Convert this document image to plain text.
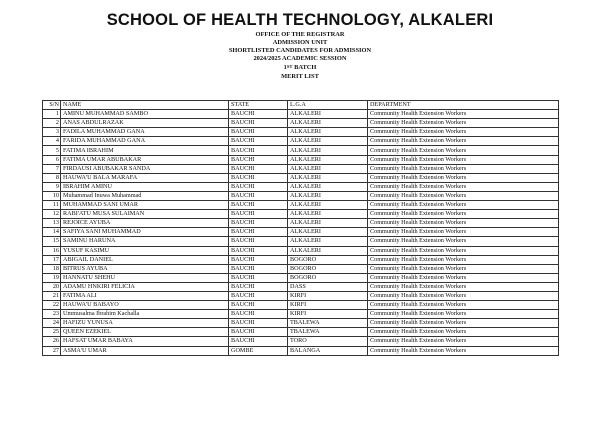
SCHOOL OF HEALTH TECHNOLOGY, ALKALERI
OFFICE OF THE REGISTRAR
ADMISSION UNIT
SHORTLISTED CANDIDATES FOR ADMISSION
2024/2025 ACADEMIC SESSION
1ST BATCH
MERIT LIST
S/N	NAME	STATE	L.G.A	DEPARTMENT
1	AMINU MUHAMMAD SAMBO	BAUCHI	ALKALERI	Community Health Extension Workers
2	ANAS ABDULRAZAK	BAUCHI	ALKALERI	Community Health Extension Workers
3	FADILA MUHAMMAD GANA	BAUCHI	ALKALERI	Community Health Extension Workers
4	FARIDA MUHAMMAD GANA	BAUCHI	ALKALERI	Community Health Extension Workers
5	FATIMA IBRAHIM	BAUCHI	ALKALERI	Community Health Extension Workers
6	FATIMA UMAR ABUBAKAR	BAUCHI	ALKALERI	Community Health Extension Workers
7	FIRDAUSI ABUBAKAR SANDA	BAUCHI	ALKALERI	Community Health Extension Workers
8	HAUWA'U BALA MARAFA	BAUCHI	ALKALERI	Community Health Extension Workers
9	IBRAHIM AMINU	BAUCHI	ALKALERI	Community Health Extension Workers
10	Muhammad Inuwa Muhammad	BAUCHI	ALKALERI	Community Health Extension Workers
11	MUHAMMAD SANI UMAR	BAUCHI	ALKALERI	Community Health Extension Workers
12	RABI'ATU MUSA SULAIMAN	BAUCHI	ALKALERI	Community Health Extension Workers
13	REJOICE AYUBA	BAUCHI	ALKALERI	Community Health Extension Workers
14	SAFIYA SANI MUHAMMAD	BAUCHI	ALKALERI	Community Health Extension Workers
15	SAMINU HARUNA	BAUCHI	ALKALERI	Community Health Extension Workers
16	YUSUF KASIMU	BAUCHI	ALKALERI	Community Health Extension Workers
17	ABIGAIL DANIEL	BAUCHI	BOGORO	Community Health Extension Workers
18	BITRUS AYUBA	BAUCHI	BOGORO	Community Health Extension Workers
19	HANNATU SHEHU	BAUCHI	BOGORO	Community Health Extension Workers
20	ADAMU HNKIRI FELICIA	BAUCHI	DASS	Community Health Extension Workers
21	FATIMA ALI	BAUCHI	KIRFI	Community Health Extension Workers
22	HAUWA'U BABAYO	BAUCHI	KIRFI	Community Health Extension Workers
23	Ummusalma Ibrahim Kachalla	BAUCHI	KIRFI	Community Health Extension Workers
24	HAFIZU YUNUSA	BAUCHI	TBALEWA	Community Health Extension Workers
25	QUEEN EZEKIEL	BAUCHI	TBALEWA	Community Health Extension Workers
26	HAFSAT UMAR BABAYA	BAUCHI	TORO	Community Health Extension Workers
27	ASMA'U UMAR	GOMBE	BALANGA	Community Health Extension Workers
